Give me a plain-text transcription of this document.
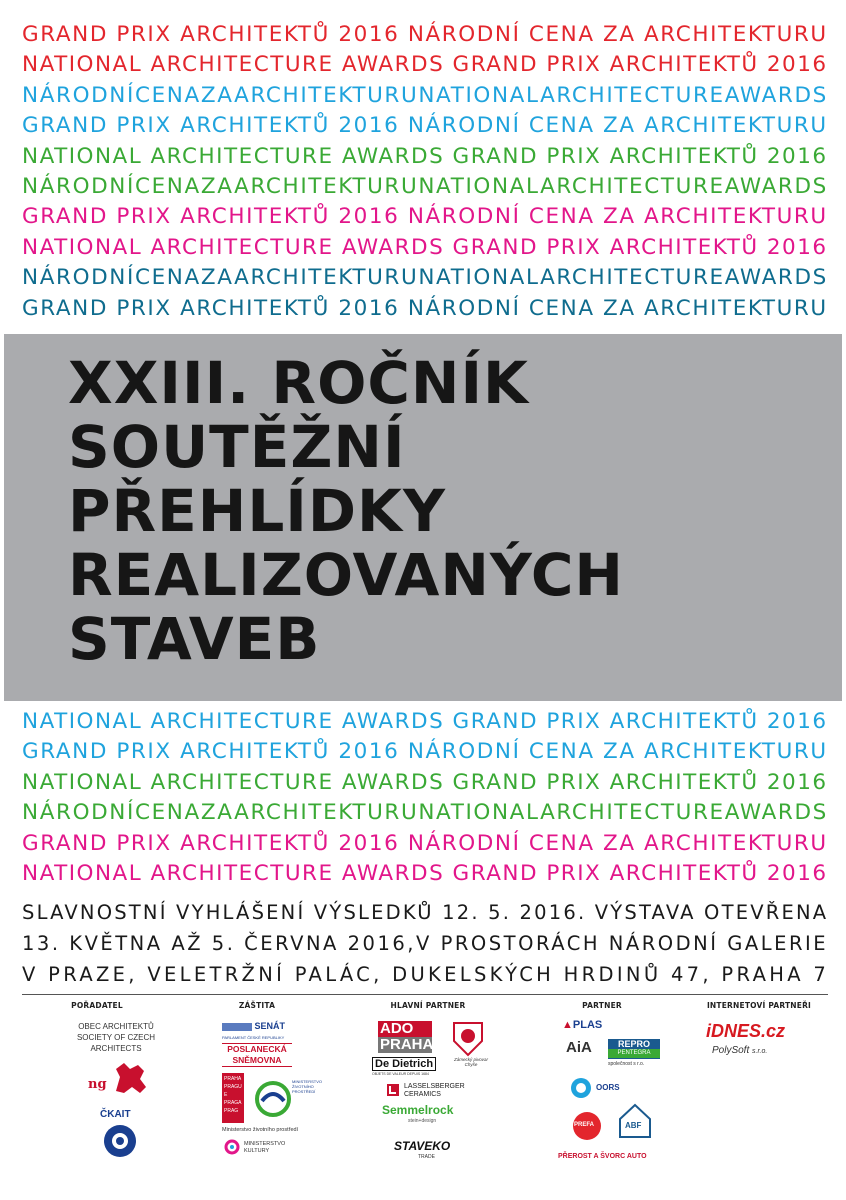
GRAND PRIX ARCHITEKTŮ 2016 NÁRODNÍ CENA ZA ARCHITEKTURU
NATIONAL ARCHITECTURE AWARDS GRAND PRIX ARCHITEKTŮ 2016
NÁRODNÍCENAZAARCHITEKTURUNATIONALARCHITECTUREAWARDS
GRAND PRIX ARCHITEKTŮ 2016 NÁRODNÍ CENA ZA ARCHITEKTURU
NATIONAL ARCHITECTURE AWARDS GRAND PRIX ARCHITEKTŮ 2016
NÁRODNÍCENAZAARCHITEKTURUNATIONALARCHITECTUREAWARDS
GRAND PRIX ARCHITEKTŮ 2016 NÁRODNÍ CENA ZA ARCHITEKTURU
NATIONAL ARCHITECTURE AWARDS GRAND PRIX ARCHITEKTŮ 2016
NÁRODNÍCENAZAARCHITEKTURUNATIONALARCHITECTUREAWARDS
GRAND PRIX ARCHITEKTŮ 2016 NÁRODNÍ CENA ZA ARCHITEKTURU
XXIII. ROČNÍK
SOUTĚŽNÍ
PŘEHLÍDKY
REALIZOVANÝCH
STAVEB
NATIONAL ARCHITECTURE AWARDS GRAND PRIX ARCHITEKTŮ 2016
GRAND PRIX ARCHITEKTŮ 2016 NÁRODNÍ CENA ZA ARCHITEKTURU
NATIONAL ARCHITECTURE AWARDS GRAND PRIX ARCHITEKTŮ 2016
NÁRODNÍCENAZAARCHITEKTURUNATIONALARCHITECTUREAWARDS
GRAND PRIX ARCHITEKTŮ 2016 NÁRODNÍ CENA ZA ARCHITEKTURU
NATIONAL ARCHITECTURE AWARDS GRAND PRIX ARCHITEKTŮ 2016
SLAVNOSTNÍ VYHLÁŠENÍ VÝSLEDKŮ 12. 5. 2016. VÝSTAVA OTEVŘENA
13. KVĚTNA AŽ 5. ČERVNA 2016,V PROSTORÁCH NÁRODNÍ GALERIE
V PRAZE, VELETRŽNÍ PALÁC, DUKELSKÝCH HRDINŮ 47, PRAHA 7
POŘADATEL
OBEC ARCHITEKTŮ
SOCIETY OF CZECH ARCHITECTS
ng
ČKAIT
ZÁŠTITA
SENÁT
PARLAMENT ČESKÉ REPUBLIKY
POSLANECKÁ
SNĚMOVNA
PRAHA PRAGUE PRAGA PRAG
MINISTERSTVO ŽIVOTNÍHO PROSTŘEDÍ
Ministerstvo životního prostředí
MINISTERSTVO
KULTURY
HLAVNÍ PARTNER
ADO
PRAHA
Zámecký pivovar Chyše
De Dietrich
OBJETS DE VALEUR DEPUIS 1684
LASSELSBERGER
CERAMICS
Semmelrock
stein+design
STAVEKO
TRADE
PARTNER
▲PLAS
AiA	REPRO
PENTEGRA
společnost s r.o.
OORS
PREFA	ABF
PŘEROST A ŠVORC AUTO
INTERNETOVÍ PARTNEŘI
iDNES.cz
PolySoft s.r.o.
